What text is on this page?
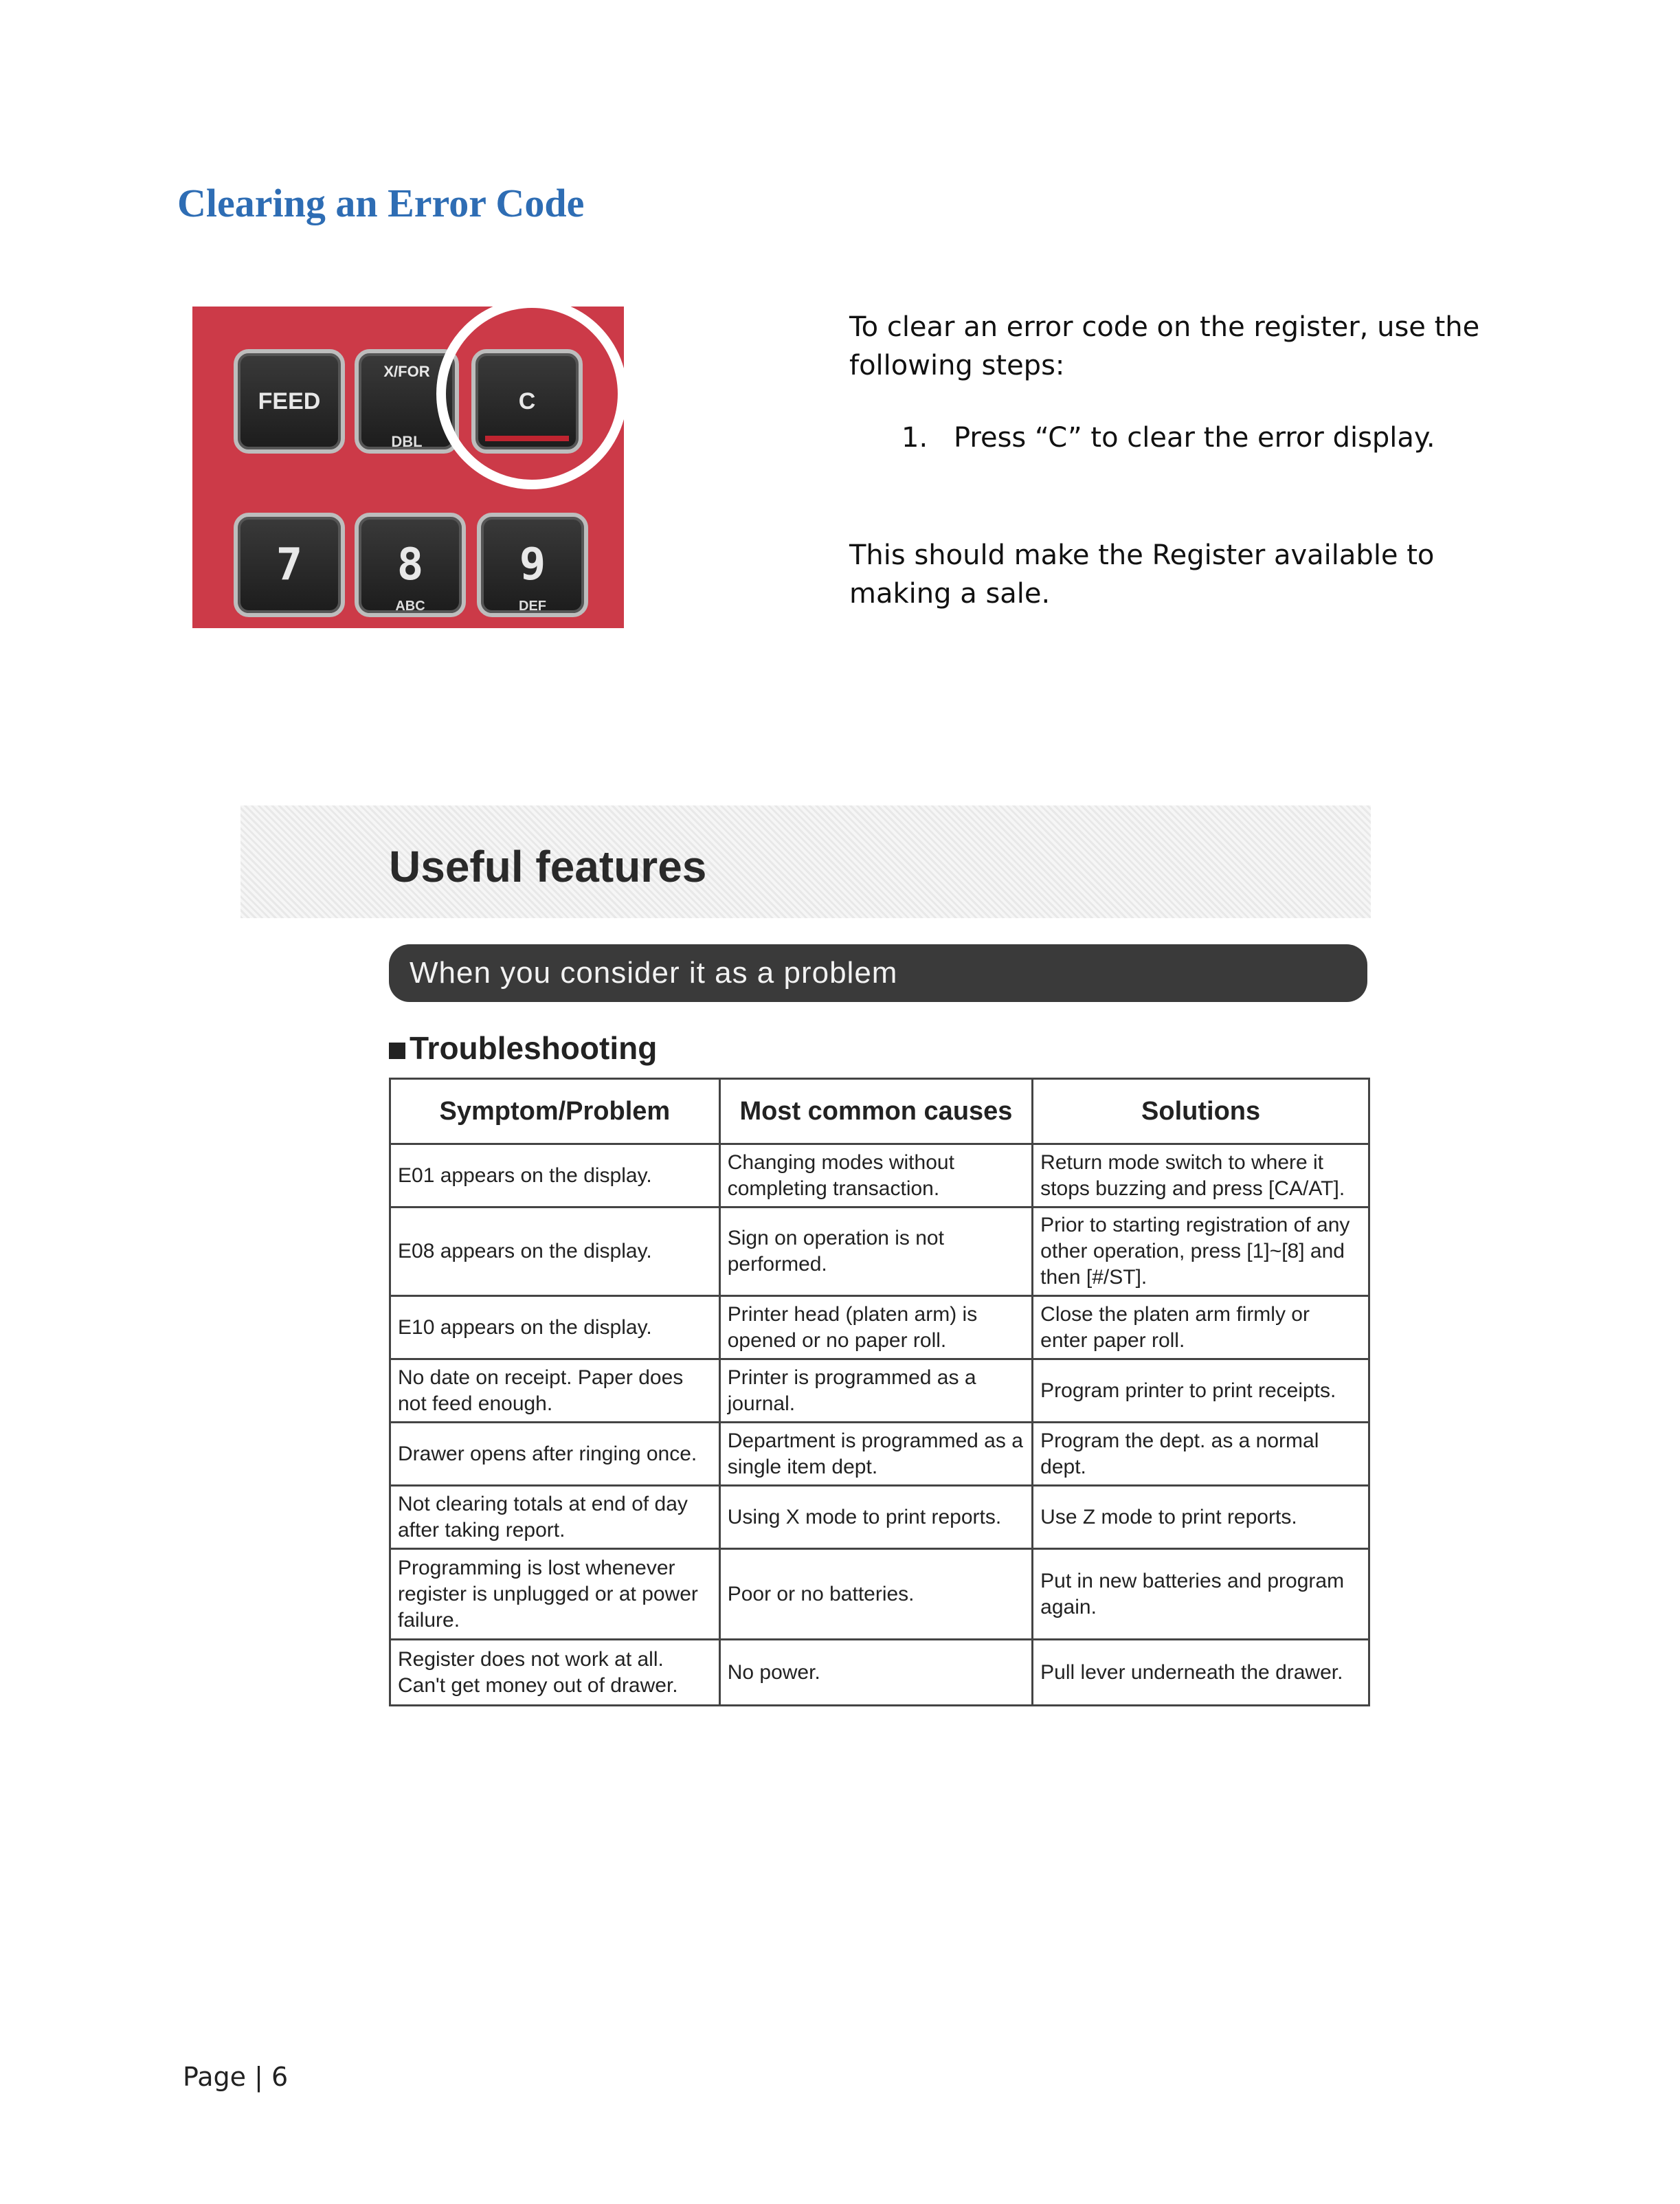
Clearing an Error Code
FEED
X/FOR
DBL
C
7 8
ABC
9
DEF

To clear an error code on the register, use the following steps:

1. Press “C” to clear the error display.

This should make the Register available to making a sale.

Useful features
When you consider it as a problem
Troubleshooting
Symptom/Problem	Most common causes	Solutions
E01 appears on the display.	Changing modes without completing transaction.	Return mode switch to where it stops buzzing and press [CA/AT].
E08 appears on the display.	Sign on operation is not performed.	Prior to starting registration of any other operation, press [1]~[8] and then [#/ST].
E10 appears on the display.	Printer head (platen arm) is opened or no paper roll.	Close the platen arm firmly or enter paper roll.
No date on receipt. Paper does not feed enough.	Printer is programmed as a journal.	Program printer to print receipts.
Drawer opens after ringing once.	Department is programmed as a single item dept.	Program the dept. as a normal dept.
Not clearing totals at end of day after taking report.	Using X mode to print reports.	Use Z mode to print reports.
Programming is lost whenever register is unplugged or at power failure.	Poor or no batteries.	Put in new batteries and program again.
Register does not work at all. Can't get money out of drawer.	No power.	Pull lever underneath the drawer.
Page | 6
